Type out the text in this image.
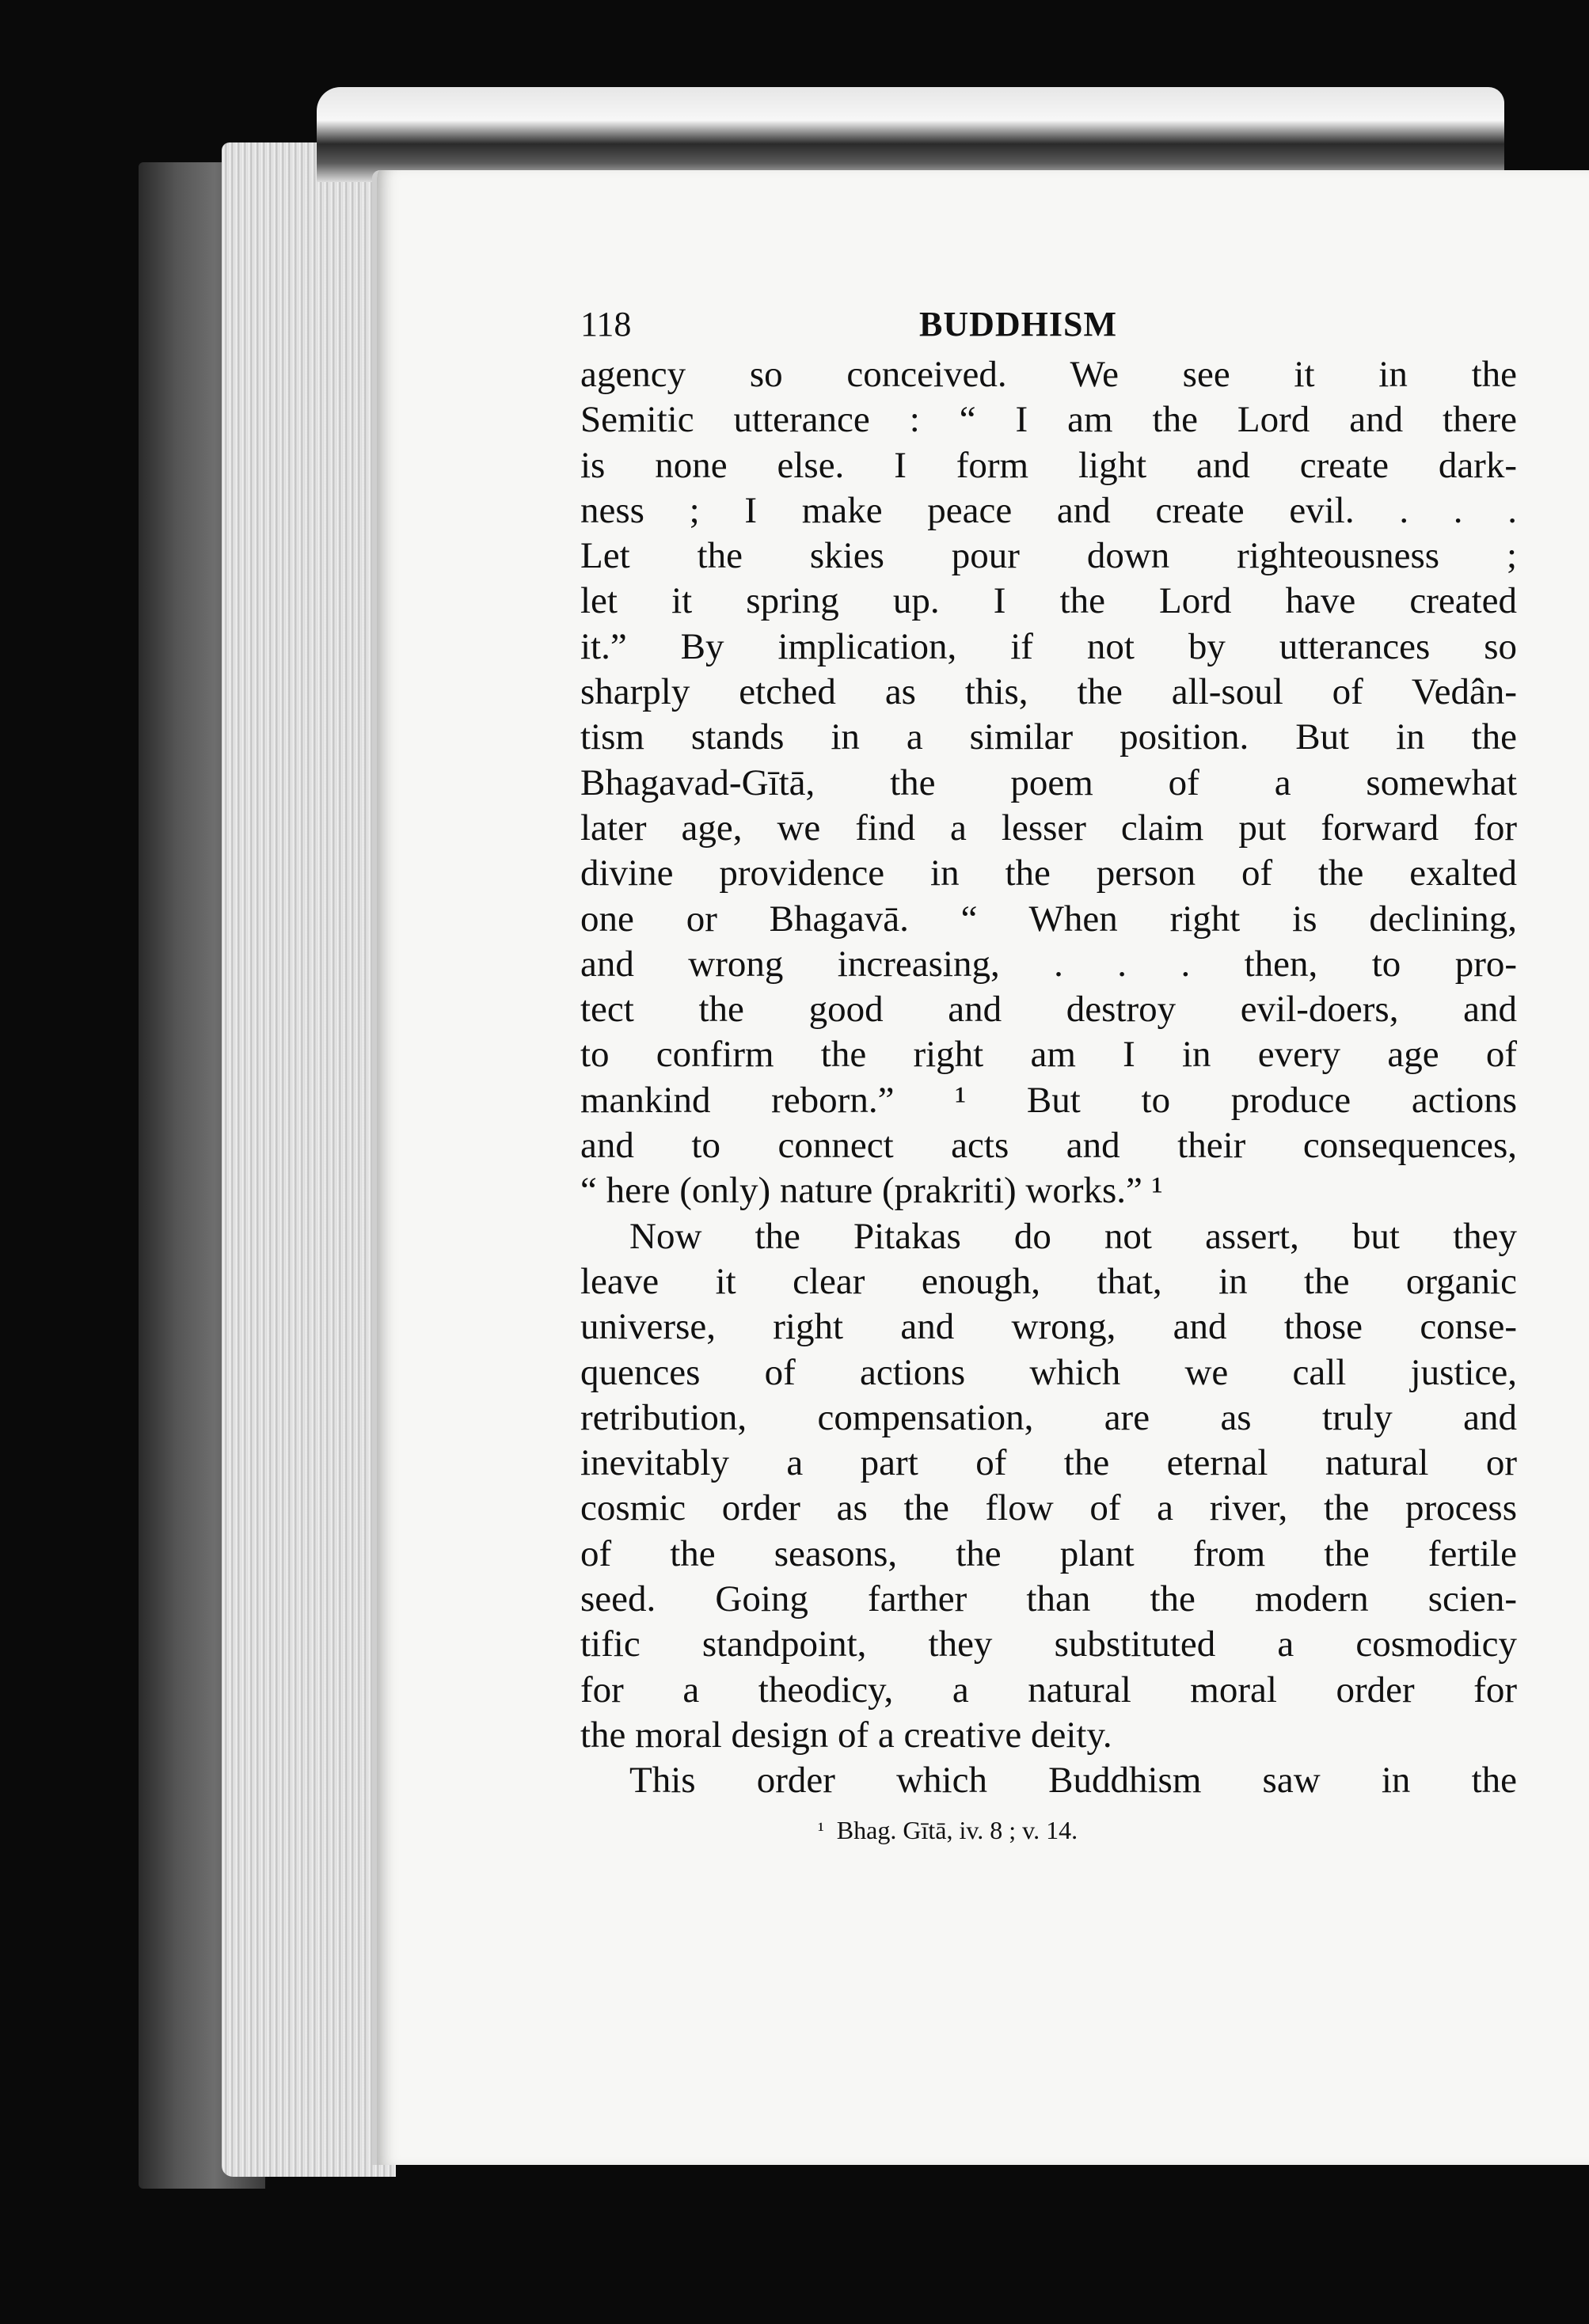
118	BUDDHISM
agency so conceived. We see it in the
Semitic utterance : “ I am the Lord and there
is none else. I form light and create dark-
ness ; I make peace and create evil. . . .
Let the skies pour down righteousness ;
let it spring up. I the Lord have created
it.” By implication, if not by utterances so
sharply etched as this, the all-soul of Vedân-
tism stands in a similar position. But in the
Bhagavad-Gītā, the poem of a somewhat
later age, we find a lesser claim put forward for
divine providence in the person of the exalted
one or Bhagavā. “ When right is declining,
and wrong increasing, . . . then, to pro-
tect the good and destroy evil-doers, and
to confirm the right am I in every age of
mankind reborn.” ¹ But to produce actions
and to connect acts and their consequences,
“ here (only) nature (prakriti) works.” ¹
Now the Pitakas do not assert, but they
leave it clear enough, that, in the organic
universe, right and wrong, and those conse-
quences of actions which we call justice,
retribution, compensation, are as truly and
inevitably a part of the eternal natural or
cosmic order as the flow of a river, the process
of the seasons, the plant from the fertile
seed. Going farther than the modern scien-
tific standpoint, they substituted a cosmodicy
for a theodicy, a natural moral order for
the moral design of a creative deity.
This order which Buddhism saw in the
$^{^1}$ Bhag. Gītā, iv. 8 ; v. 14.
